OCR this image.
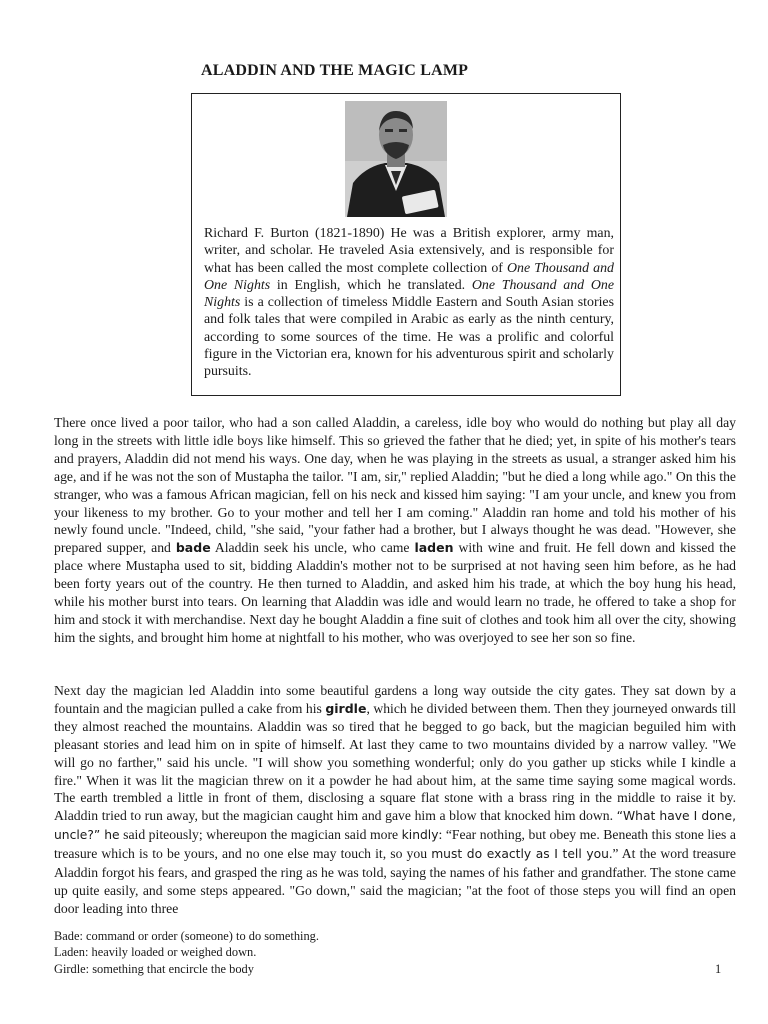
ALADDIN AND THE MAGIC LAMP
Richard F. Burton (1821-1890) He was a British explorer, army man, writer, and scholar. He traveled Asia extensively, and is responsible for what has been called the most complete collection of One Thousand and One Nights in English, which he translated. One Thousand and One Nights is a collection of timeless Middle Eastern and South Asian stories and folk tales that were compiled in Arabic as early as the ninth century, according to some sources of the time. He was a prolific and colorful figure in the Victorian era, known for his adventurous spirit and scholarly pursuits.

There once lived a poor tailor, who had a son called Aladdin, a careless, idle boy who would do nothing but play all day long in the streets with little idle boys like himself. This so grieved the father that he died; yet, in spite of his mother's tears and prayers, Aladdin did not mend his ways. One day, when he was playing in the streets as usual, a stranger asked him his age, and if he was not the son of Mustapha the tailor. "I am, sir," replied Aladdin; "but he died a long while ago." On this the stranger, who was a famous African magician, fell on his neck and kissed him saying: "I am your uncle, and knew you from your likeness to my brother. Go to your mother and tell her I am coming." Aladdin ran home and told his mother of his newly found uncle. "Indeed, child, "she said, "your father had a brother, but I always thought he was dead. "However, she prepared supper, and bade Aladdin seek his uncle, who came laden with wine and fruit. He fell down and kissed the place where Mustapha used to sit, bidding Aladdin's mother not to be surprised at not having seen him before, as he had been forty years out of the country. He then turned to Aladdin, and asked him his trade, at which the boy hung his head, while his mother burst into tears. On learning that Aladdin was idle and would learn no trade, he offered to take a shop for him and stock it with merchandise. Next day he bought Aladdin a fine suit of clothes and took him all over the city, showing him the sights, and brought him home at nightfall to his mother, who was overjoyed to see her son so fine.

Next day the magician led Aladdin into some beautiful gardens a long way outside the city gates. They sat down by a fountain and the magician pulled a cake from his girdle, which he divided between them. Then they journeyed onwards till they almost reached the mountains. Aladdin was so tired that he begged to go back, but the magician beguiled him with pleasant stories and lead him on in spite of himself. At last they came to two mountains divided by a narrow valley. "We will go no farther," said his uncle. "I will show you something wonderful; only do you gather up sticks while I kindle a fire." When it was lit the magician threw on it a powder he had about him, at the same time saying some magical words. The earth trembled a little in front of them, disclosing a square flat stone with a brass ring in the middle to raise it by. Aladdin tried to run away, but the magician caught him and gave him a blow that knocked him down. “What have I done, uncle?” he said piteously; whereupon the magician said more kindly: “Fear nothing, but obey me. Beneath this stone lies a treasure which is to be yours, and no one else may touch it, so you must do exactly as I tell you.” At the word treasure Aladdin forgot his fears, and grasped the ring as he was told, saying the names of his father and grandfather. The stone came up quite easily, and some steps appeared. "Go down," said the magician; "at the foot of those steps you will find an open door leading into three

Bade: command or order (someone) to do something.
Laden: heavily loaded or weighed down.
Girdle: something that encircle the body	1
